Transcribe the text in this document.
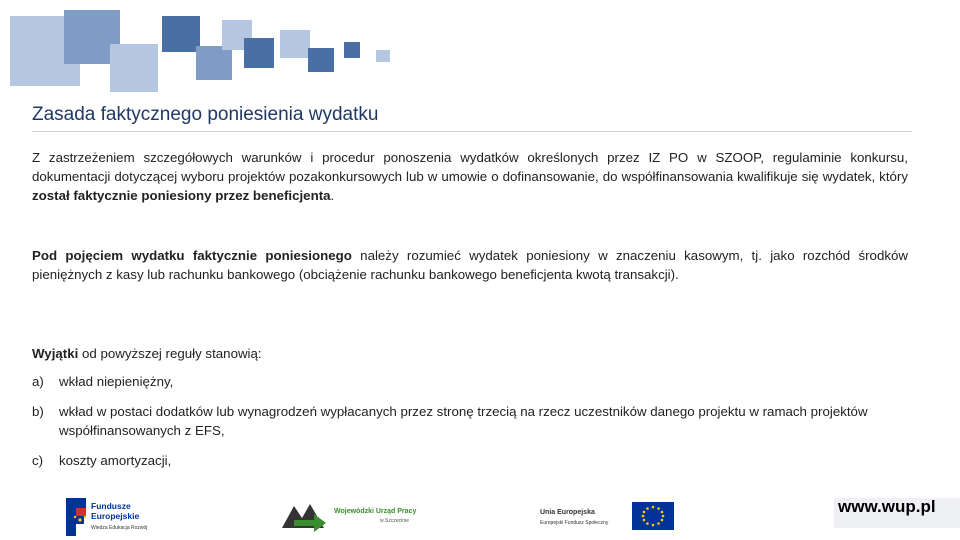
Zasada faktycznego poniesienia wydatku
Z zastrzeżeniem szczegółowych warunków i procedur ponoszenia wydatków określonych przez IZ PO w SZOOP, regulaminie konkursu, dokumentacji dotyczącej wyboru projektów pozakonkursowych lub w umowie o dofinansowanie, do współfinansowania kwalifikuje się wydatek, który został faktycznie poniesiony przez beneficjenta.
Pod pojęciem wydatku faktycznie poniesionego należy rozumieć wydatek poniesiony w znaczeniu kasowym, tj. jako rozchód środków pieniężnych z kasy lub rachunku bankowego (obciążenie rachunku bankowego beneficjenta kwotą transakcji).
Wyjątki od powyższej reguły stanowią:
a) wkład niepieniężny,
b) wkład w postaci dodatków lub wynagrodzeń wypłacanych przez stronę trzecią na rzecz uczestników danego projektu w ramach projektów współfinansowanych z EFS,
c) koszty amortyzacji,
Fundusze
Europejskie
Wiedza Edukacja Rozwój
Wojewódzki Urząd Pracy
w Szczecinie
Unia Europejska
Europejski Fundusz Społeczny
www.wup.pl
